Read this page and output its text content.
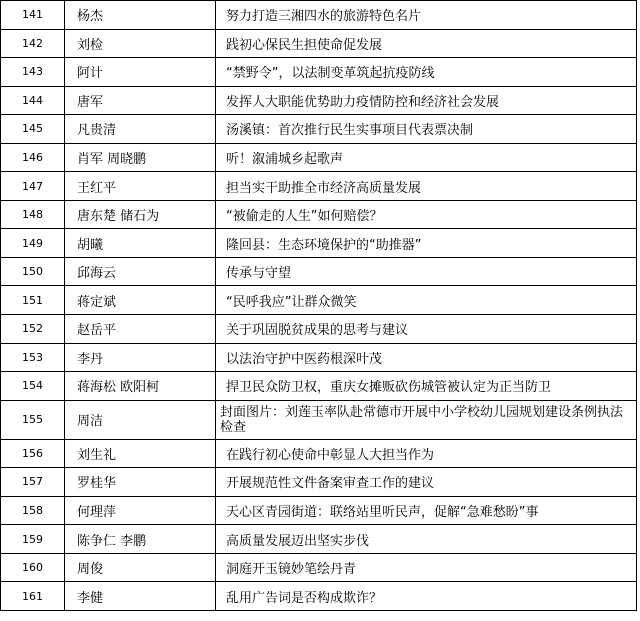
141	杨杰	努力打造三湘四水的旅游特色名片
142	刘检	践初心保民生担使命促发展
143	阿计	“禁野令”，以法制变革筑起抗疫防线
144	唐军	发挥人大职能优势助力疫情防控和经济社会发展
145	凡贵清	汤溪镇：首次推行民生实事项目代表票决制
146	肖军 周晓鹏	听！溆浦城乡起歌声
147	王红平	担当实干助推全市经济高质量发展
148	唐东楚 储石为	“被偷走的人生”如何赔偿？
149	胡曦	隆回县：生态环境保护的“助推器”
150	邱海云	传承与守望
151	蒋定斌	“民呼我应”让群众微笑
152	赵岳平	关于巩固脱贫成果的思考与建议
153	李丹	以法治守护中医药根深叶茂
154	蒋海松 欧阳柯	捍卫民众防卫权，重庆女摊贩砍伤城管被认定为正当防卫
155	周洁	封面图片：刘莲玉率队赴常德市开展中小学校幼儿园规划建设条例执法检查
156	刘生礼	在践行初心使命中彰显人大担当作为
157	罗桂华	开展规范性文件备案审查工作的建议
158	何理萍	天心区青园街道：联络站里听民声，促解“急难愁盼”事
159	陈争仁 李鹏	高质量发展迈出坚实步伐
160	周俊	洞庭开玉镜妙笔绘丹青
161	李健	乱用广告词是否构成欺诈？
